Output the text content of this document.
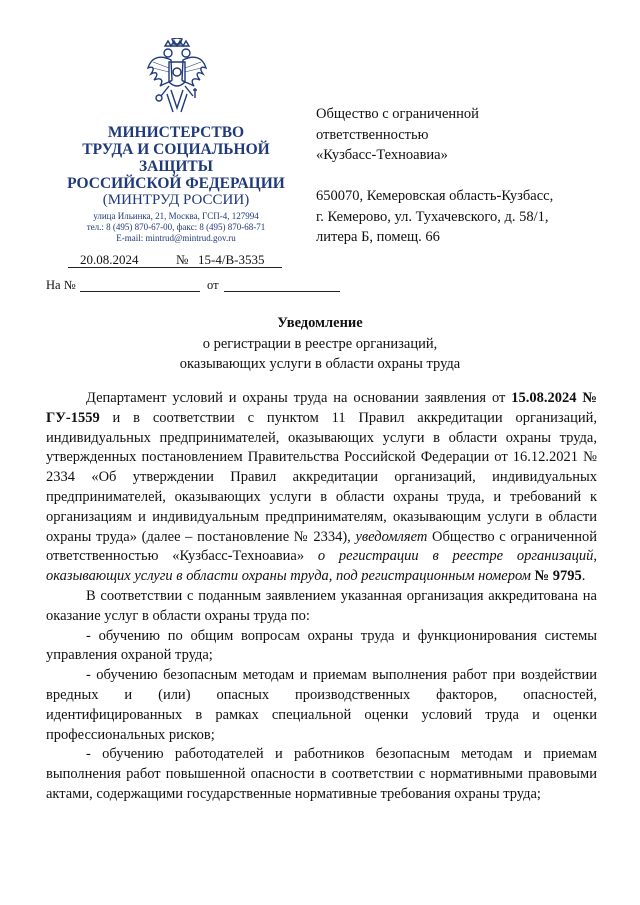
МИНИСТЕРСТВО
ТРУДА И СОЦИАЛЬНОЙ
ЗАЩИТЫ
РОССИЙСКОЙ ФЕДЕРАЦИИ
(МИНТРУД РОССИИ)
улица Ильинка, 21, Москва, ГСП-4, 127994
тел.: 8 (495) 870-67-00, факс: 8 (495) 870-68-71
E-mail: mintrud@mintrud.gov.ru
20.08.2024	№ 15-4/В-3535
На №	от
Общество с ограниченной
ответственностью
«Кузбасс-Техноавиа»
650070, Кемеровская область-Кузбасс,
г. Кемерово, ул. Тухачевского, д. 58/1,
литера Б, помещ. 66
Уведомление
о регистрации в реестре организаций,
оказывающих услуги в области охраны труда

Департамент условий и охраны труда на основании заявления от 15.08.2024 № ГУ-1559 и в соответствии с пунктом 11 Правил аккредитации организаций, индивидуальных предпринимателей, оказывающих услуги в области охраны труда, утвержденных постановлением Правительства Российской Федерации от 16.12.2021 № 2334 «Об утверждении Правил аккредитации организаций, индивидуальных предпринимателей, оказывающих услуги в области охраны труда, и требований к организациям и индивидуальным предпринимателям, оказывающим услуги в области охраны труда» (далее – постановление № 2334), уведомляет Общество с ограниченной ответственностью «Кузбасс-Техноавиа» о регистрации в реестре организаций, оказывающих услуги в области охраны труда, под регистрационным номером № 9795.

В соответствии с поданным заявлением указанная организация аккредитована на оказание услуг в области охраны труда по:

- обучению по общим вопросам охраны труда и функционирования системы управления охраной труда;

- обучению безопасным методам и приемам выполнения работ при воздействии вредных и (или) опасных производственных факторов, опасностей, идентифицированных в рамках специальной оценки условий труда и оценки профессиональных рисков;

- обучению работодателей и работников безопасным методам и приемам выполнения работ повышенной опасности в соответствии с нормативными правовыми актами, содержащими государственные нормативные требования охраны труда;
